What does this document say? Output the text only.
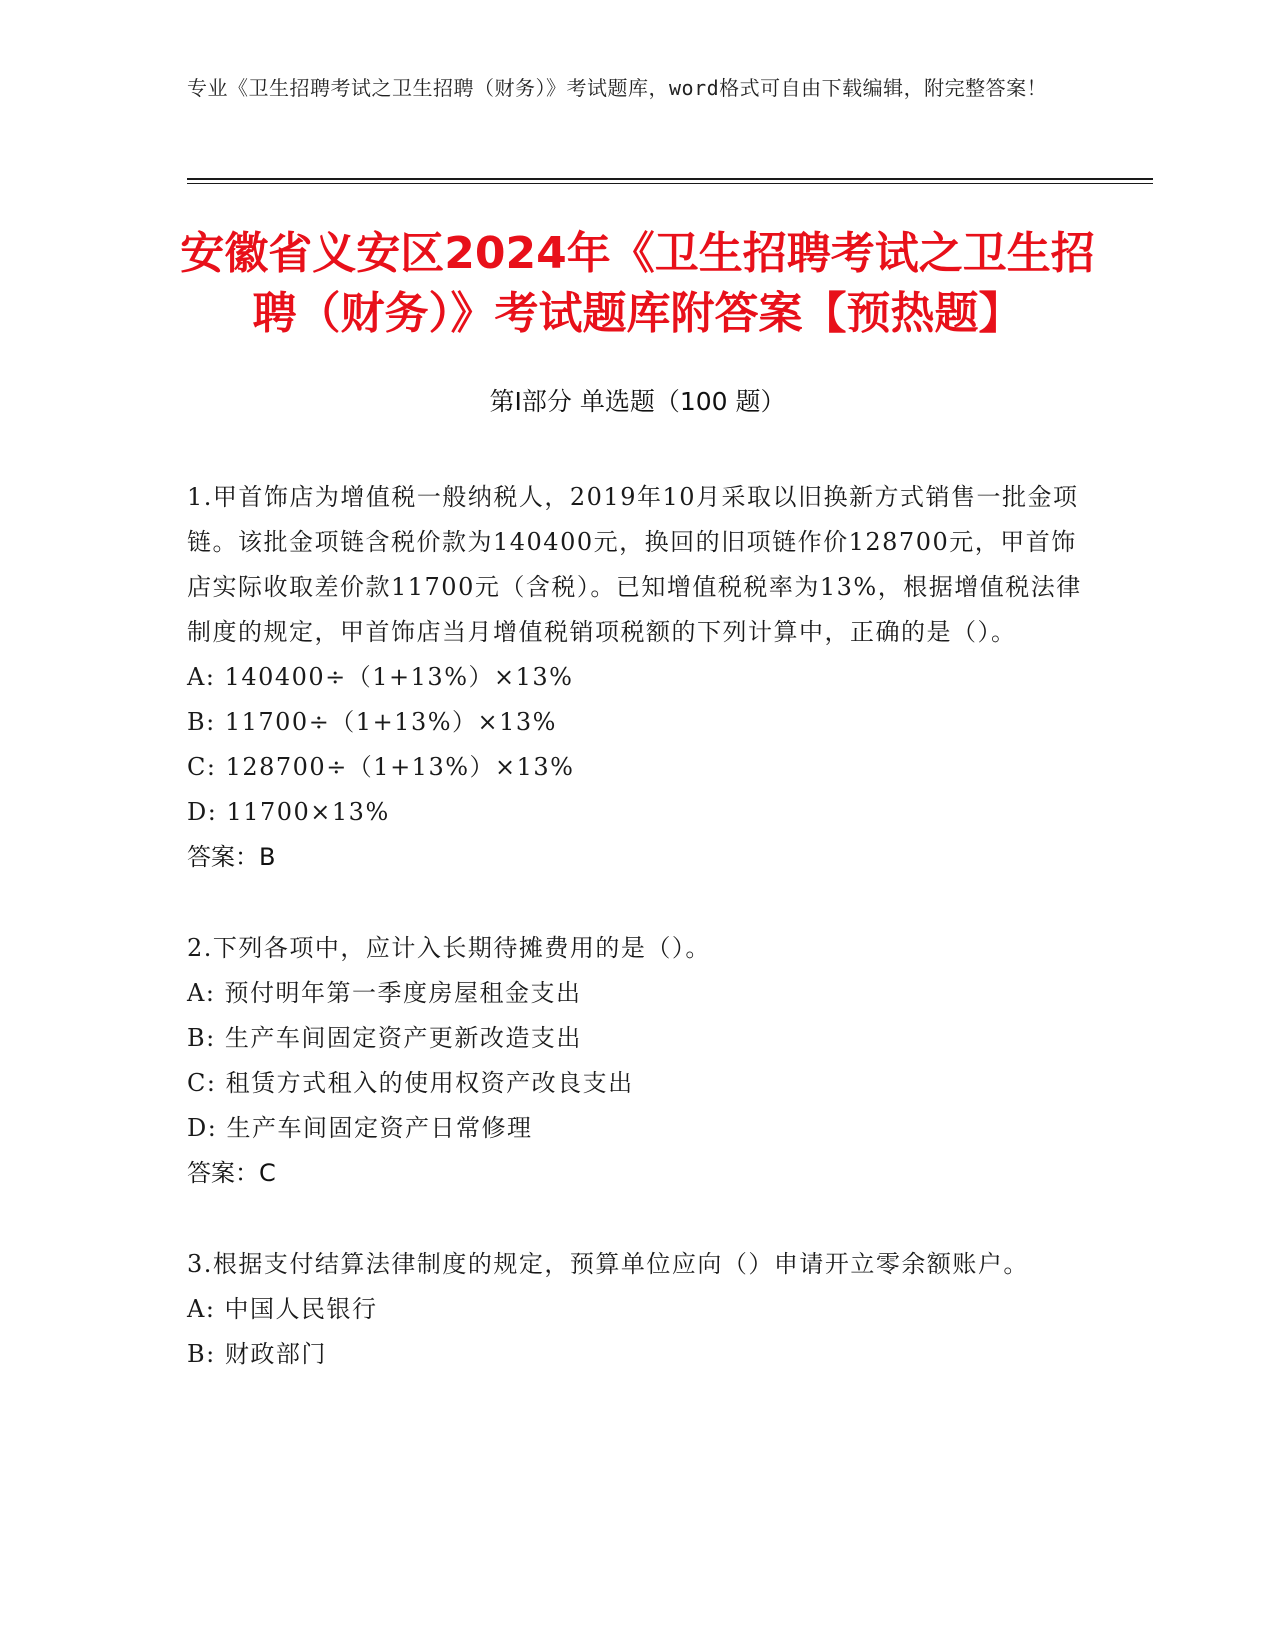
专业《卫生招聘考试之卫生招聘（财务）》考试题库，word格式可自由下载编辑，附完整答案！
安徽省义安区2024年《卫生招聘考试之卫生招聘（财务）》考试题库附答案【预热题】
第Ⅰ部分 单选题（100 题）
1.甲首饰店为增值税一般纳税人，2019年10月采取以旧换新方式销售一批金项链。该批金项链含税价款为140400元，换回的旧项链作价128700元，甲首饰店实际收取差价款11700元（含税）。已知增值税税率为13%，根据增值税法律制度的规定，甲首饰店当月增值税销项税额的下列计算中，正确的是（）。
A: 140400÷（1+13%）×13%
B: 11700÷（1+13%）×13%
C: 128700÷（1+13%）×13%
D: 11700×13%
答案：B
2.下列各项中，应计入长期待摊费用的是（）。
A: 预付明年第一季度房屋租金支出
B: 生产车间固定资产更新改造支出
C: 租赁方式租入的使用权资产改良支出
D: 生产车间固定资产日常修理
答案：C
3.根据支付结算法律制度的规定，预算单位应向（）申请开立零余额账户。
A: 中国人民银行
B: 财政部门
